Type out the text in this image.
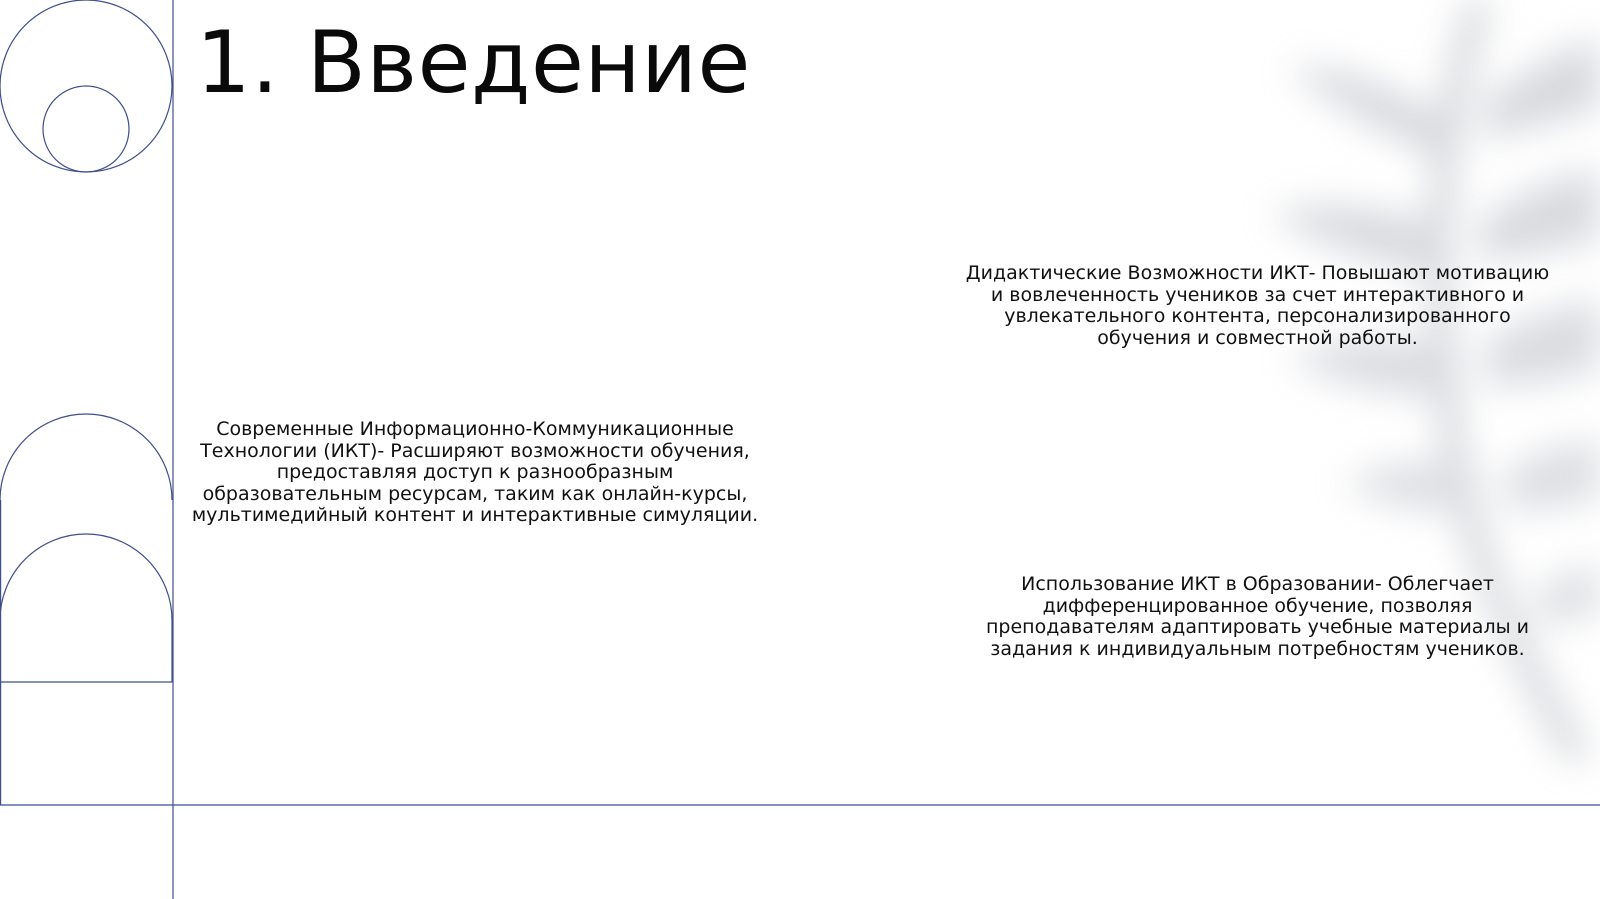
1. Введение

Современные Информационно-Коммуникационные Технологии (ИКТ)- Расширяют возможности обучения, предоставляя доступ к разнообразным образовательным ресурсам, таким как онлайн-курсы, мультимедийный контент и интерактивные симуляции.

Дидактические Возможности ИКТ- Повышают мотивацию и вовлеченность учеников за счет интерактивного и увлекательного контента, персонализированного обучения и совместной работы.

Использование ИКТ в Образовании- Облегчает дифференцированное обучение, позволяя преподавателям адаптировать учебные материалы и задания к индивидуальным потребностям учеников.
